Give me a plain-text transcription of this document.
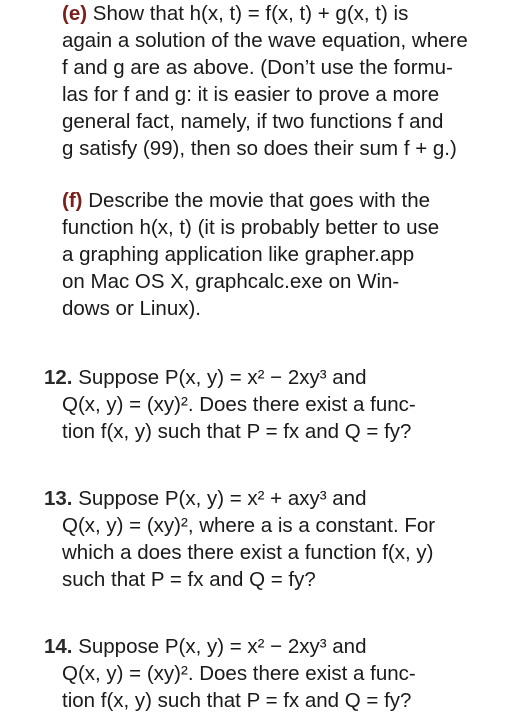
(e) Show that h(x, t) = f(x, t) + g(x, t) is
again a solution of the wave equation, where
f and g are as above. (Don’t use the formu-
las for f and g: it is easier to prove a more
general fact, namely, if two functions f and
g satisfy (99), then so does their sum f + g.)
(f) Describe the movie that goes with the
function h(x, t) (it is probably better to use
a graphing application like grapher.app
on Mac OS X, graphcalc.exe on Win-
dows or Linux).
12. Suppose P(x, y) = x² − 2xy³ and
Q(x, y) = (xy)². Does there exist a func-
tion f(x, y) such that P = fx and Q = fy?
13. Suppose P(x, y) = x² + axy³ and
Q(x, y) = (xy)², where a is a constant. For
which a does there exist a function f(x, y)
such that P = fx and Q = fy?
14. Suppose P(x, y) = x² − 2xy³ and
Q(x, y) = (xy)². Does there exist a func-
tion f(x, y) such that P = fx and Q = fy?
